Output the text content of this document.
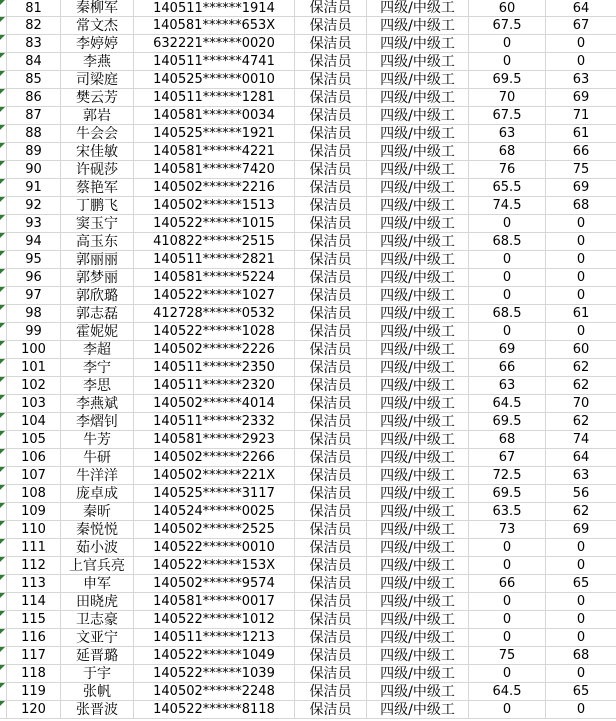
81	秦柳军	140511******1914	保洁员	四级/中级工	60	64
82	常文杰	140581******653X	保洁员	四级/中级工	67.5	67
83	李婷婷	632221******0020	保洁员	四级/中级工	0	0
84	李燕	140511******4741	保洁员	四级/中级工	0	0
85	司梁庭	140525******0010	保洁员	四级/中级工	69.5	63
86	樊云芳	140511******1281	保洁员	四级/中级工	70	69
87	郭岩	140581******0034	保洁员	四级/中级工	67.5	71
88	牛会会	140525******1921	保洁员	四级/中级工	63	61
89	宋佳敏	140581******4221	保洁员	四级/中级工	68	66
90	许砚莎	140581******7420	保洁员	四级/中级工	76	75
91	蔡艳军	140502******2216	保洁员	四级/中级工	65.5	69
92	丁鹏飞	140502******1513	保洁员	四级/中级工	74.5	68
93	窦玉宁	140522******1015	保洁员	四级/中级工	0	0
94	高玉东	410822******2515	保洁员	四级/中级工	68.5	0
95	郭丽丽	140511******2821	保洁员	四级/中级工	0	0
96	郭梦丽	140581******5224	保洁员	四级/中级工	0	0
97	郭欣璐	140522******1027	保洁员	四级/中级工	0	0
98	郭志磊	412728******0532	保洁员	四级/中级工	68.5	61
99	霍妮妮	140522******1028	保洁员	四级/中级工	0	0
100	李超	140502******2226	保洁员	四级/中级工	69	60
101	李宁	140511******2350	保洁员	四级/中级工	66	62
102	李思	140511******2320	保洁员	四级/中级工	63	62
103	李燕斌	140502******4014	保洁员	四级/中级工	64.5	70
104	李熠钊	140511******2332	保洁员	四级/中级工	69.5	62
105	牛芳	140581******2923	保洁员	四级/中级工	68	74
106	牛研	140502******2266	保洁员	四级/中级工	67	64
107	牛洋洋	140502******221X	保洁员	四级/中级工	72.5	63
108	庞卓成	140525******3117	保洁员	四级/中级工	69.5	56
109	秦昕	140524******0025	保洁员	四级/中级工	63.5	62
110	秦悦悦	140502******2525	保洁员	四级/中级工	73	69
111	茹小波	140522******0010	保洁员	四级/中级工	0	0
112	上官兵亮	140522******153X	保洁员	四级/中级工	0	0
113	申军	140502******9574	保洁员	四级/中级工	66	65
114	田晓虎	140581******0017	保洁员	四级/中级工	0	0
115	卫志豪	140522******1012	保洁员	四级/中级工	0	0
116	文亚宁	140511******1213	保洁员	四级/中级工	0	0
117	延晋璐	140522******1049	保洁员	四级/中级工	75	68
118	于宇	140522******1039	保洁员	四级/中级工	0	0
119	张帆	140502******2248	保洁员	四级/中级工	64.5	65
120	张晋波	140522******8118	保洁员	四级/中级工	0	0
